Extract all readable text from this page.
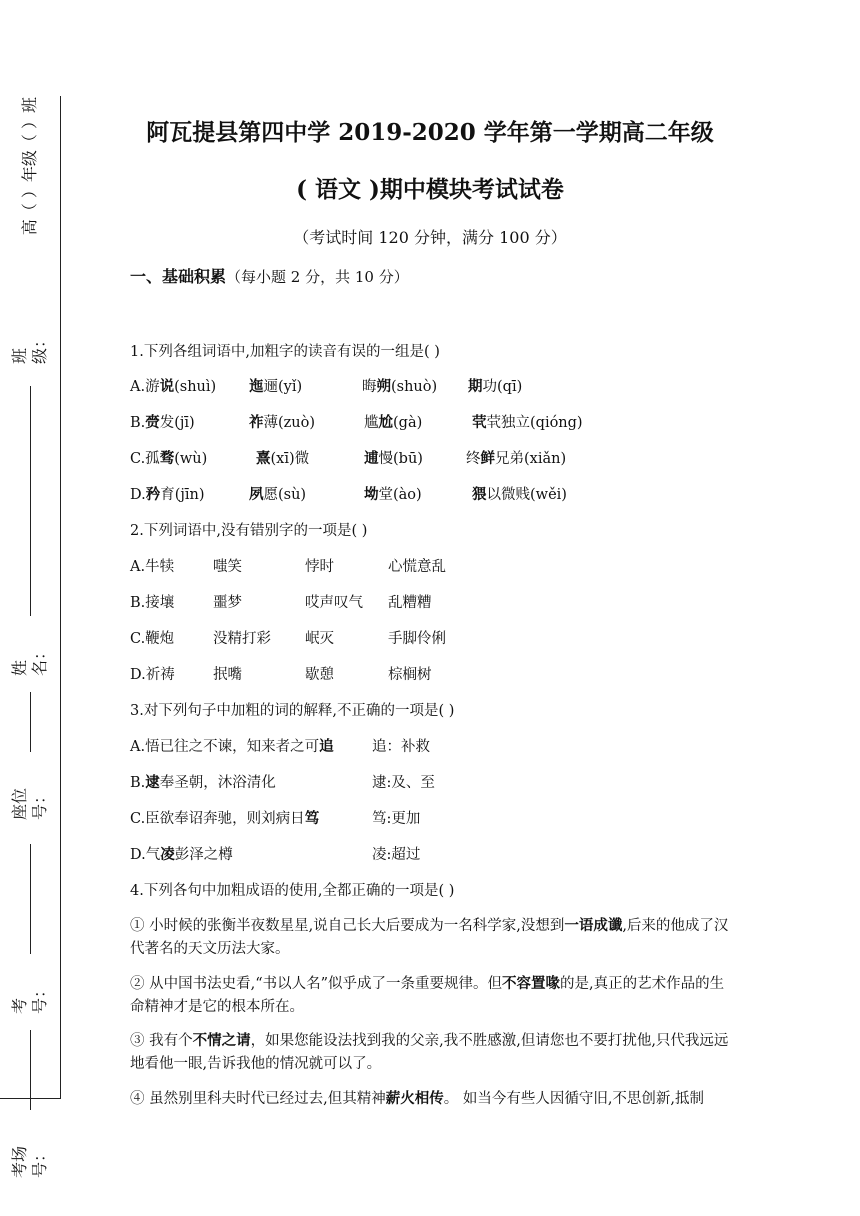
高（ ）年级（ ）班
班级：
姓名：
座位号：
考号：
考场号：
阿瓦提县第四中学 2019-2020 学年第一学期高二年级
( 语文 )期中模块考试试卷
（考试时间 120 分钟，满分 100 分）
一、基础积累（每小题 2 分，共 10 分）
1.下列各组词语中,加粗字的读音有误的一组是( )
A.游说(shuì) 迤逦(yǐ)	晦朔(shuò) 期功(qī)
B.赍发(jī)	祚薄(zuò)	尴尬(gà)	茕茕独立(qióng)
C.孤骛(wù)	熹(xī)微	逋慢(bū)	终鲜兄弟(xiǎn)
D.矜育(jīn)	夙愿(sù)	坳堂(ào)	猥以微贱(wěi)
2.下列词语中,没有错别字的一项是( )
A.牛犊	嗤笑	悖时	心慌意乱
B.接壤	噩梦	哎声叹气 乱糟糟
C.鞭炮	没精打彩 岷灭	手脚伶俐
D.祈祷	抿嘴	歇憩	棕榈树
3.对下列句子中加粗的词的解释,不正确的一项是( )
A.悟已往之不谏，知来者之可追	追：补救
B.逮奉圣朝，沐浴清化	逮:及、至
C.臣欲奉诏奔驰，则刘病日笃	笃:更加
D.气凌彭泽之樽	凌:超过
4.下列各句中加粗成语的使用,全都正确的一项是( )
① 小时候的张衡半夜数星星,说自己长大后要成为一名科学家,没想到一语成谶,后来的他成了汉代著名的天文历法大家。
② 从中国书法史看,“书以人名”似乎成了一条重要规律。但不容置喙的是,真正的艺术作品的生命精神才是它的根本所在。
③ 我有个不情之请，如果您能设法找到我的父亲,我不胜感激,但请您也不要打扰他,只代我远远地看他一眼,告诉我他的情况就可以了。
④ 虽然别里科夫时代已经过去,但其精神薪火相传。 如当今有些人因循守旧,不思创新,抵制
